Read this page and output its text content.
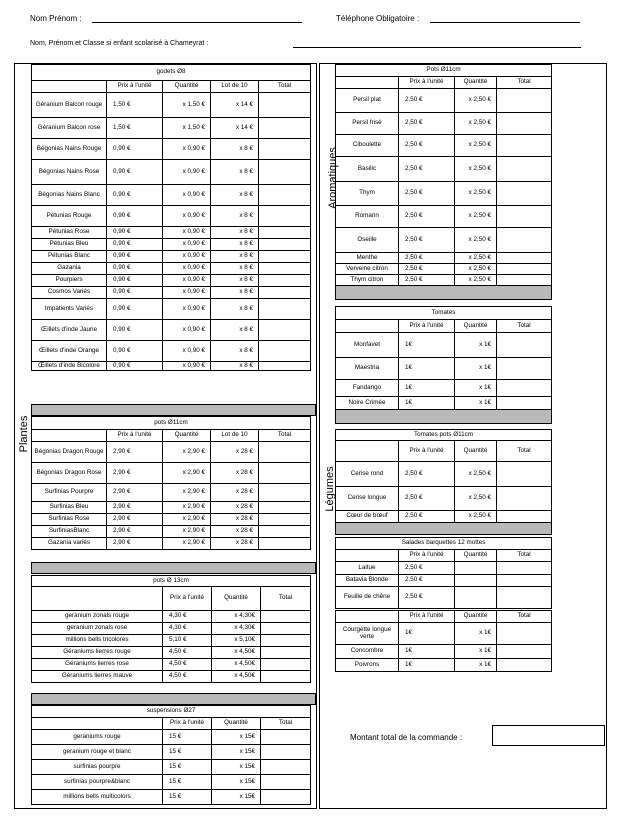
Nom Prénom :	Téléphone Obligatoire :
Nom, Prénom et Classe si enfant scolarisé à Chameyrat :
Plantes
Aromatiques
Légumes
godets Ø8				
	Prix à l'unité	Quantité	Lot de 10	Total
Géranium Balcon rouge	1,50 €	x 1,50 €	x 14 €	
Géranium Balcon rose	1,50 €	x 1,50 €	x 14 €	
Bégonias Nains Rouge	0,90 €	x 0,90 €	x 8 €	
Bégonias Nains Rose	0,90 €	x 0,90 €	x 8 €	
Bégonias Nains Blanc	0,90 €	x 0,90 €	x 8 €	
Pétunias Rouge	0,90 €	x 0,90 €	x 8 €	
Pétunias Rose	0,90 €	x 0,90 €	x 8 €	
Pétunias Bleu	0,90 €	x 0,90 €	x 8 €	
Pétunias Blanc	0,90 €	x 0,90 €	x 8 €	
Gazania	0,90 €	x 0,90 €	x 8 €	
Pourpiers	0,90 €	x 0,90 €	x 8 €	
Cosmos Variés	0,90 €	x 0,90 €	x 8 €	
Impatients Variés	0,90 €	x 0,90 €	x 8 €	
Œillets d'inde Jaune	0,90 €	x 0,90 €	x 8 €	
Œillets d'inde Orange	0,90 €	x 0,90 €	x 8 €	
Œillets d'inde Bicolore	0,90 €	x 0,90 €	x 8 €	
pots Ø11cm				
	Prix à l'unité	Quantité	Lot de 10	Total
Bégonias Dragon Rouge	2,90 €	x 2,90 €	x 28 €	
Bégonias Dragon Rose	2,90 €	x 2,90 €	x 28 €	
Surfinias Pourpre	2,90 €	x 2,90 €	x 28 €	
Surfinias Bleu	2,90 €	x 2,90 €	x 28 €	
Surfinias Rose	2,90 €	x 2,90 €	x 28 €	
SurfiniasBlanc	2,90 €	x 2,90 €	x 28 €	
Gazania variés	2,90 €	x 2,90 €	x 28 €	
pots Ø 13cm			
	Prix à l'unité	Quantité	Total
geranium zonals rouge	4,30 €	x 4,30€	
geranium zonals rose	4,30 €	x 4,30€	
millions bells tricolores	5,10 €	x 5,10€	
Géraniums lierres rouge	4,50 €	x 4,50€	
Géraniums lierres rose	4,50 €	x 4,50€	
Géraniums lierres mauve	4,50 €	x 4,50€	
suspensions Ø27			
	Prix à l'unité	Quantité	Total
geraniums rouge	15 €	x 15€	
geranium rouge et blanc	15 €	x 15€	
surfinias pourpre	15 €	x 15€	
surfinias pourpre&blanc	15 €	x 15€	
millions bells multicolors	15 €	x 15€	
Pots Ø11cm			
	Prix à l'unité	Quantité	Total
Persil plat	2,50 €	x 2,50 €	
Persil frisé	2,50 €	x 2,50 €	
Ciboulette	2,50 €	x 2,50 €	
Basilic	2,50 €	x 2,50 €	
Thym	2,50 €	x 2,50 €	
Romarin	2,50 €	x 2,50 €	
Oseille	2,50 €	x 2,50 €	
Menthe	2,50 €	x 2,50 €	
Verveine citron	2,50 €	x 2,50 €	
Thym citron	2,50 €	x 2,50 €	

Tomates			
	Prix à l'unité	Quantité	Total
Monfavet	1€	x 1€	
Maestria	1€	x 1€	
Fandango	1€	x 1€	
Noire Crimée	1€	x 1€	

Tomates pots Ø11cm			
	Prix à l'unité	Quantité	Total
Cerise rond	2,50 €	x 2,50 €	
Cerise longue	2,50 €	x 2,50 €	
Cœur de bœuf	2,50 €	x 2,50 €	

Salades barquettes 12 mottes			
	Prix à l'unité	Quantité	Total
Laitue	2,50 €		
Batavia Blonde	2,50 €		
Feuille de chêne	2,50 €		
	Prix à l'unité	Quantité	Total
Courgette longue verte	1€	x 1€	
Concombre	1€	x 1€	
Poivrons	1€	x 1€	
Montant total de la commande :
